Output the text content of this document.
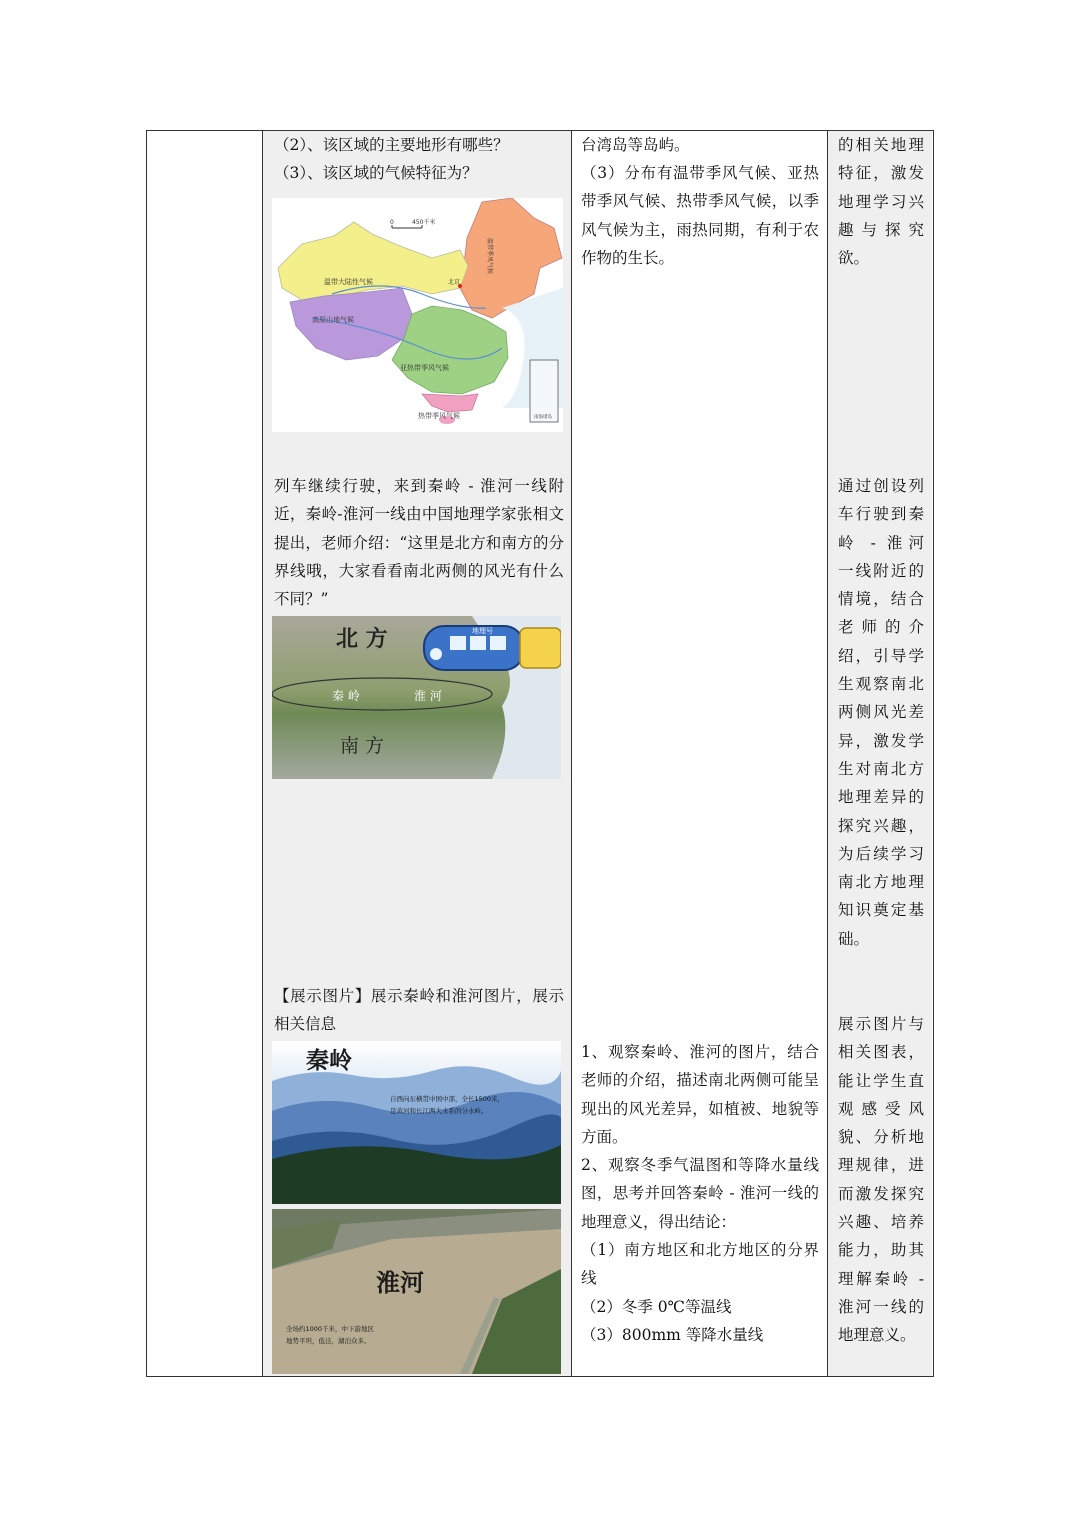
（2）、该区域的主要地形有哪些？

（3）、该区域的气候特征为？

0	450千米
温带大陆性气候
高原山地气候
亚热带季风气候
热带季风气候
温带季风气候
北京
南海诸岛

列车继续行驶，来到秦岭 - 淮河一线附近，秦岭-淮河一线由中国地理学家张相文提出，老师介绍：“这里是北方和南方的分界线哦，大家看看南北两侧的风光有什么不同？”

地理号
北 方
秦 岭	淮 河
南 方

【展示图片】展示秦岭和淮河图片，展示相关信息

秦岭
自西向东横贯中国中部，全长1500米，
是黄河和长江两大水系的分水岭。
淮河
全场约1000千米，中下游地区
地势平坦，低洼，湖泊众多。

台湾岛等岛屿。

（3）分布有温带季风气候、亚热带季风气候、热带季风气候，以季风气候为主，雨热同期，有利于农作物的生长。

1、观察秦岭、淮河的图片，结合老师的介绍，描述南北两侧可能呈现出的风光差异，如植被、地貌等方面。

2、观察冬季气温图和等降水量线图，思考并回答秦岭 - 淮河一线的地理意义，得出结论：

（1）南方地区和北方地区的分界线

（2）冬季 0℃等温线

（3）800mm 等降水量线

的相关地理
特征，激发
地理学习兴
趣与探究
欲。
通过创设列
车行驶到秦
岭 - 淮河
一线附近的
情境，结合
老师的介
绍，引导学
生观察南北
两侧风光差
异，激发学
生对南北方
地理差异的
探究兴趣，
为后续学习
南北方地理
知识奠定基
础。
展示图片与
相关图表，
能让学生直
观感受风
貌、分析地
理规律，进
而激发探究
兴趣、培养
能力，助其
理解秦岭 -
淮河一线的
地理意义。
